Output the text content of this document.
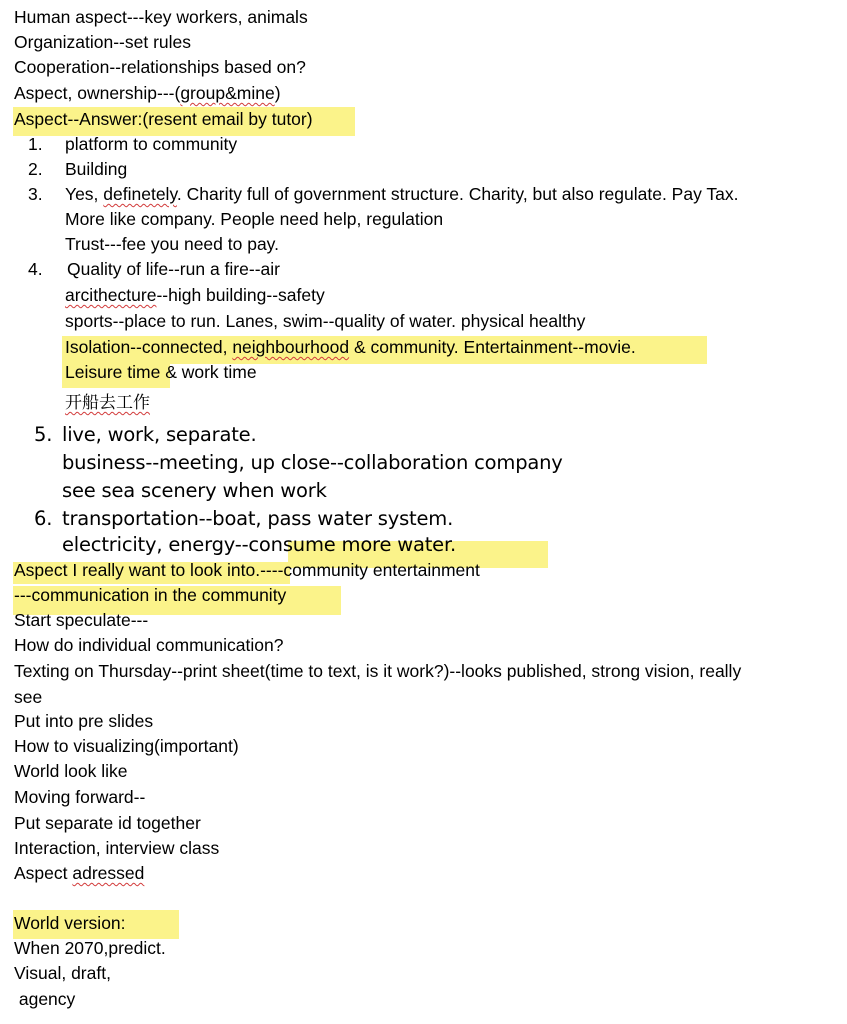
Human aspect---key workers, animals
Organization--set rules
Cooperation--relationships based on?
Aspect, ownership---(group&mine)
Aspect--Answer:(resent email by tutor)
1. platform to community
2. Building
3. Yes, definetely. Charity full of government structure. Charity, but also regulate. Pay Tax.
More like company. People need help, regulation
Trust---fee you need to pay.
4. Quality of life--run a fire--air
arcithecture--high building--safety
sports--place to run. Lanes, swim--quality of water. physical healthy
Isolation--connected, neighbourhood & community. Entertainment--movie.
Leisure time & work time
开船去工作
5. live, work, separate.
business--meeting, up close--collaboration company
see sea scenery when work
6. transportation--boat, pass water system.
electricity, energy--consume more water.
Aspect I really want to look into.----community entertainment
---communication in the community
Start speculate---
How do individual communication?
Texting on Thursday--print sheet(time to text, is it work?)--looks published, strong vision, really
see
Put into pre slides
How to visualizing(important)
World look like
Moving forward--
Put separate id together
Interaction, interview class
Aspect adressed
World version:
When 2070,predict.
Visual, draft,
agency
